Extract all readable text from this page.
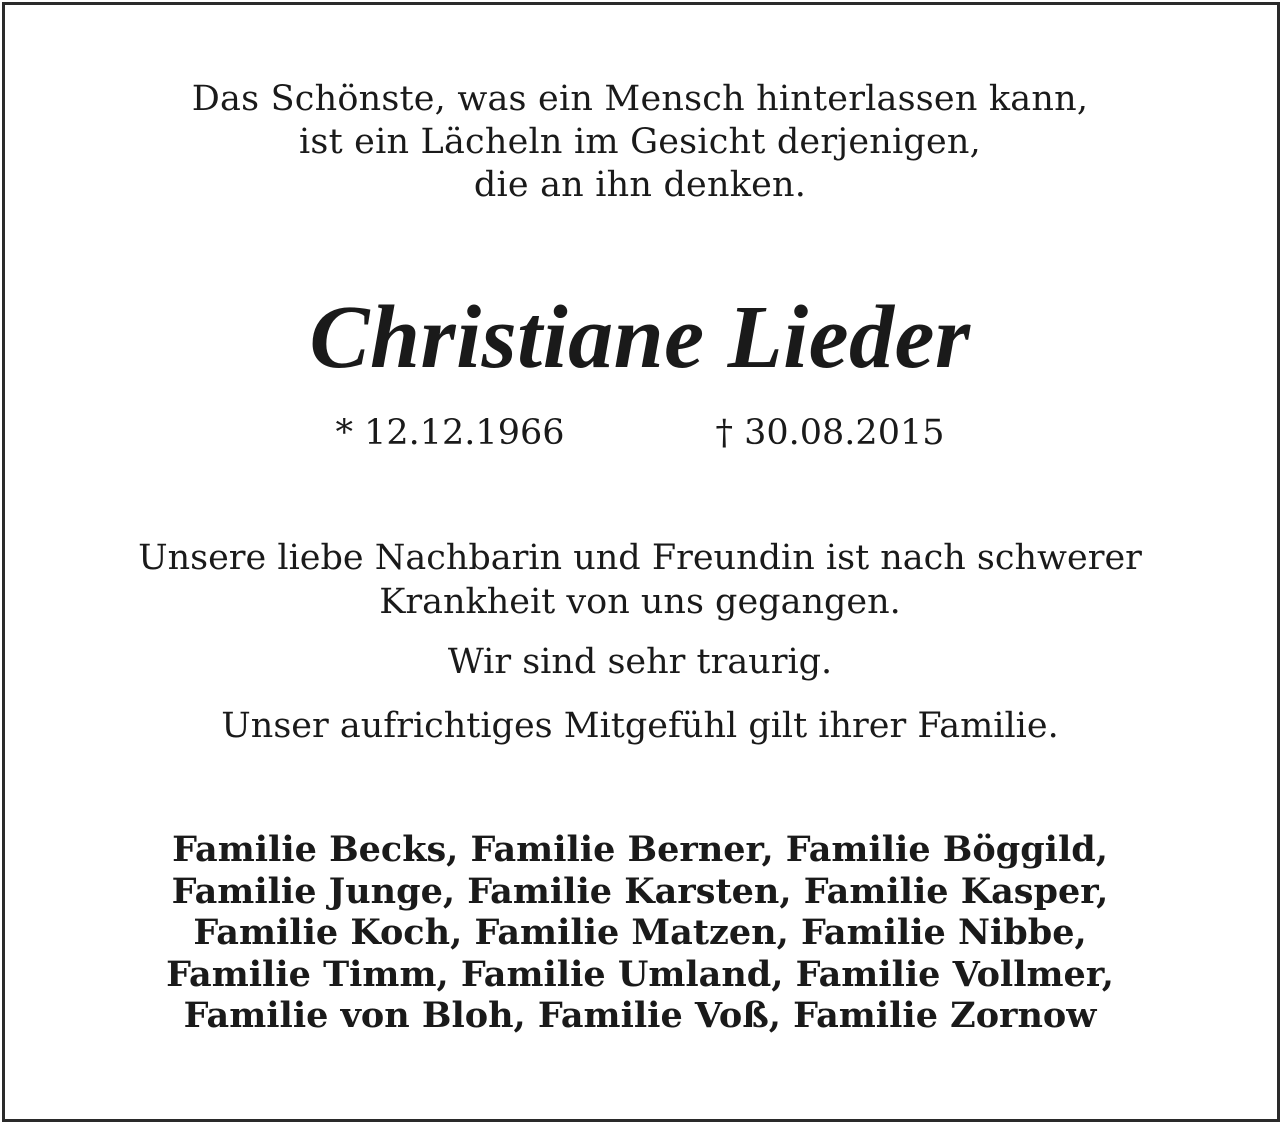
Das Schönste, was ein Mensch hinterlassen kann,
ist ein Lächeln im Gesicht derjenigen,
die an ihn denken.
Christiane Lieder
* 12.12.1966	† 30.08.2015
Unsere liebe Nachbarin und Freundin ist nach schwerer
Krankheit von uns gegangen.
Wir sind sehr traurig.
Unser aufrichtiges Mitgefühl gilt ihrer Familie.
Familie Becks, Familie Berner, Familie Böggild,
Familie Junge, Familie Karsten, Familie Kasper,
Familie Koch, Familie Matzen, Familie Nibbe,
Familie Timm, Familie Umland, Familie Vollmer,
Familie von Bloh, Familie Voß, Familie Zornow
